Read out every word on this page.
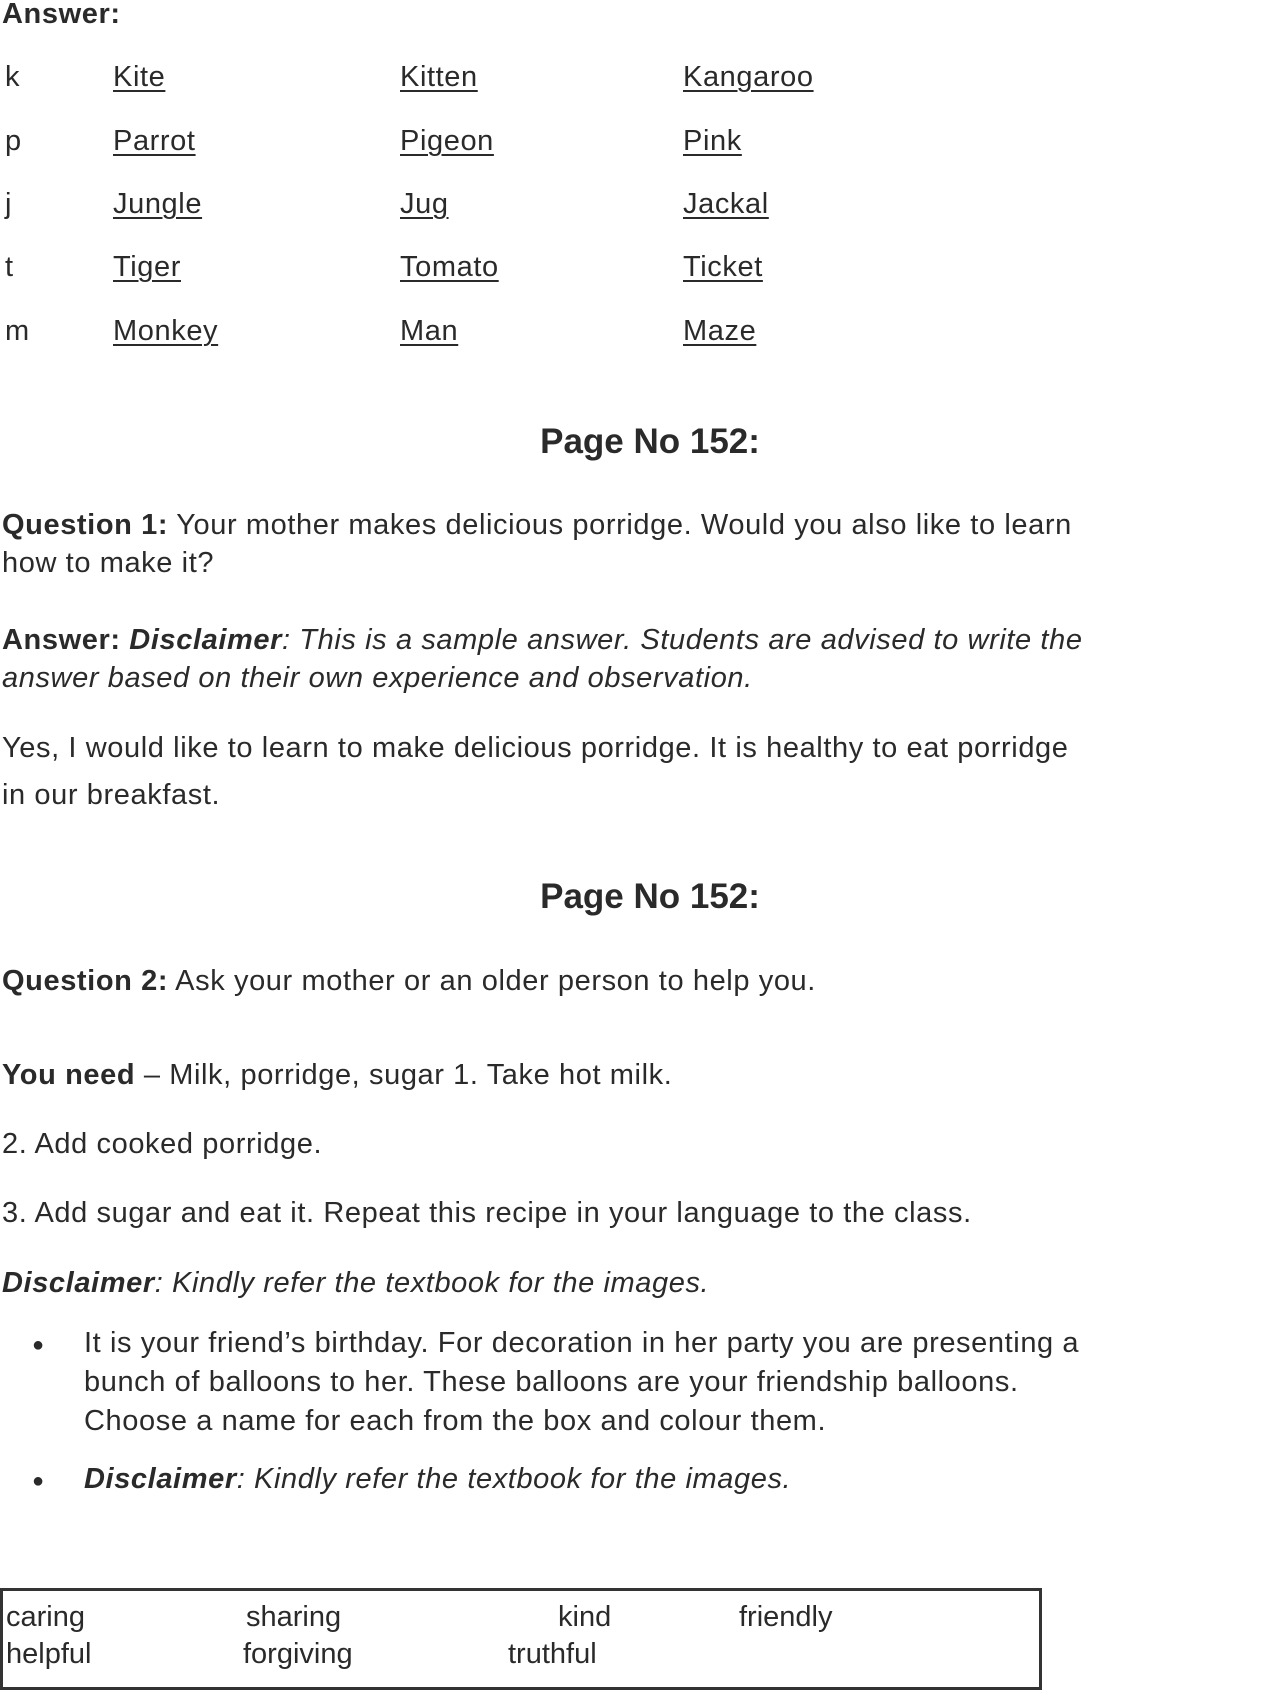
Answer:
k	Kite	Kitten	Kangaroo
p	Parrot	Pigeon	Pink
j	Jungle	Jug	Jackal
t	Tiger	Tomato	Ticket
m	Monkey	Man	Maze
Page No 152:
Question 1: Your mother makes delicious porridge. Would you also like to learn
how to make it?
Answer: Disclaimer: This is a sample answer. Students are advised to write the
answer based on their own experience and observation.
Yes, I would like to learn to make delicious porridge. It is healthy to eat porridge
in our breakfast.
Page No 152:
Question 2: Ask your mother or an older person to help you.
You need – Milk, porridge, sugar 1. Take hot milk.
2. Add cooked porridge.
3. Add sugar and eat it. Repeat this recipe in your language to the class.
Disclaimer: Kindly refer the textbook for the images.
● It is your friend’s birthday. For decoration in her party you are presenting a
bunch of balloons to her. These balloons are your friendship balloons.
Choose a name for each from the box and colour them.
● Disclaimer: Kindly refer the textbook for the images.
caring	sharing	kind	friendly
helpful	forgiving	truthful
